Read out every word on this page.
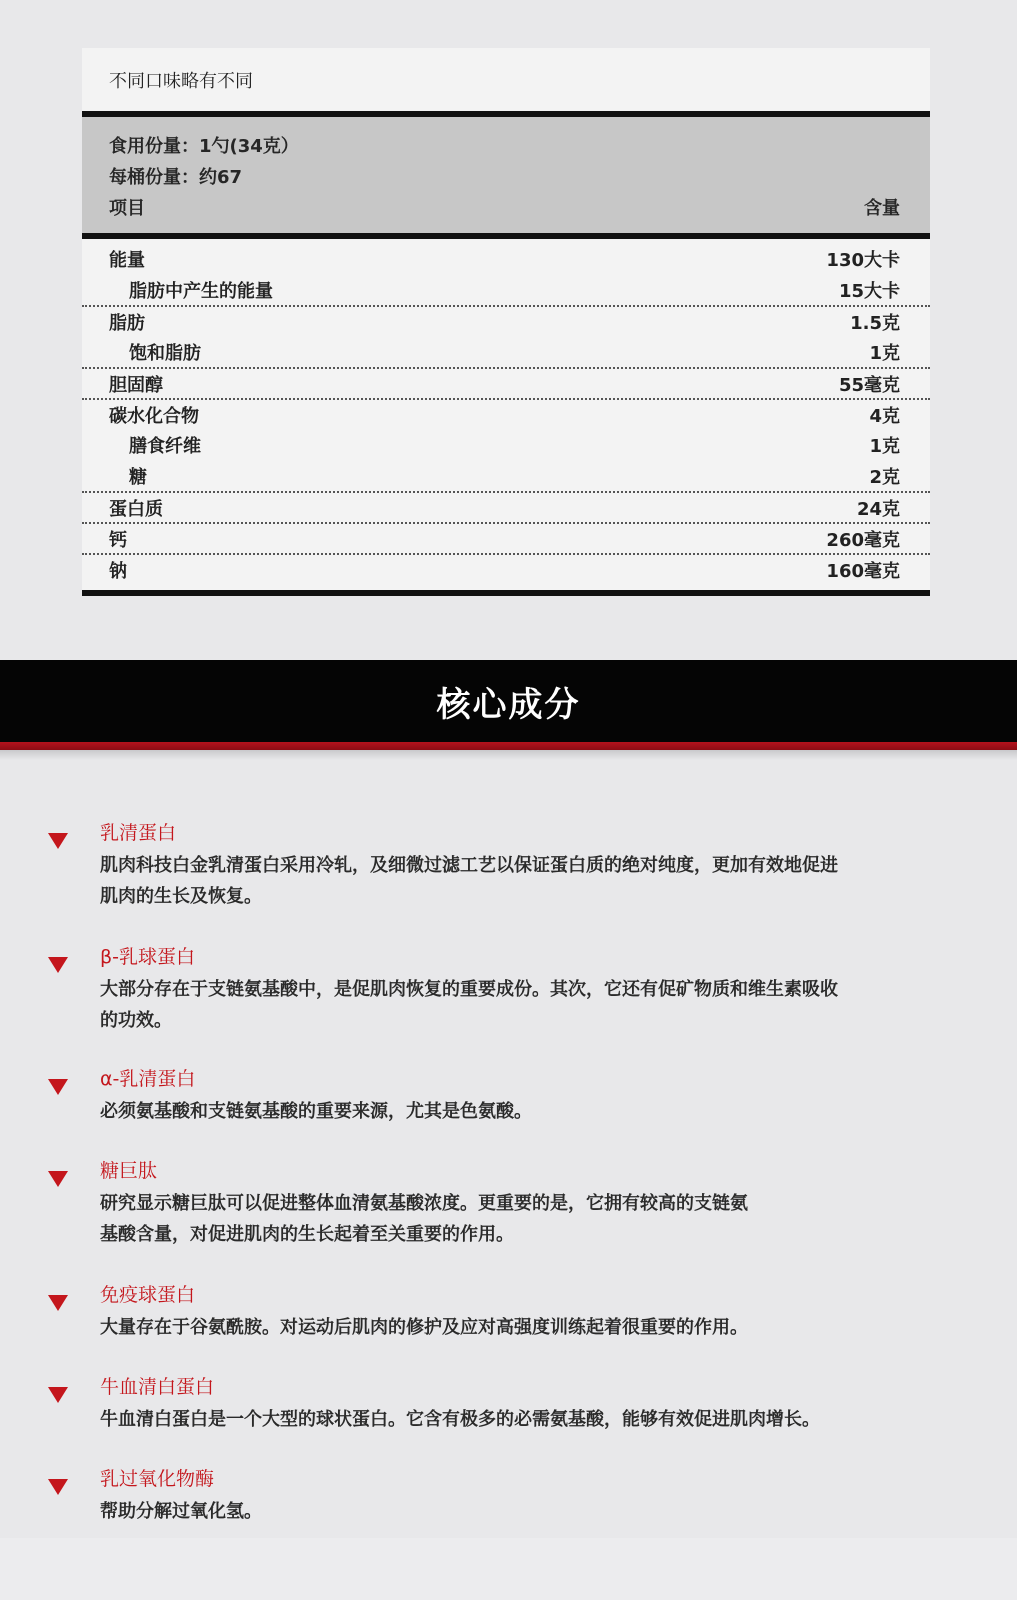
不同口味略有不同
食用份量：1勺(34克）
每桶份量：约67
项目	含量
能量	130大卡
脂肪中产生的能量	15大卡
脂肪	1.5克
饱和脂肪	1克
胆固醇	55毫克
碳水化合物	4克
膳食纤维	1克
糖	2克
蛋白质	24克
钙	260毫克
钠	160毫克
核心成分
乳清蛋白
肌肉科技白金乳清蛋白采用冷轧，及细微过滤工艺以保证蛋白质的绝对纯度，更加有效地促进
肌肉的生长及恢复。
β-乳球蛋白
大部分存在于支链氨基酸中，是促肌肉恢复的重要成份。其次，它还有促矿物质和维生素吸收
的功效。
α-乳清蛋白
必须氨基酸和支链氨基酸的重要来源，尤其是色氨酸。
糖巨肽
研究显示糖巨肽可以促进整体血清氨基酸浓度。更重要的是，它拥有较高的支链氨
基酸含量，对促进肌肉的生长起着至关重要的作用。
免疫球蛋白
大量存在于谷氨酰胺。对运动后肌肉的修护及应对高强度训练起着很重要的作用。
牛血清白蛋白
牛血清白蛋白是一个大型的球状蛋白。它含有极多的必需氨基酸，能够有效促进肌肉增长。
乳过氧化物酶
帮助分解过氧化氢。
